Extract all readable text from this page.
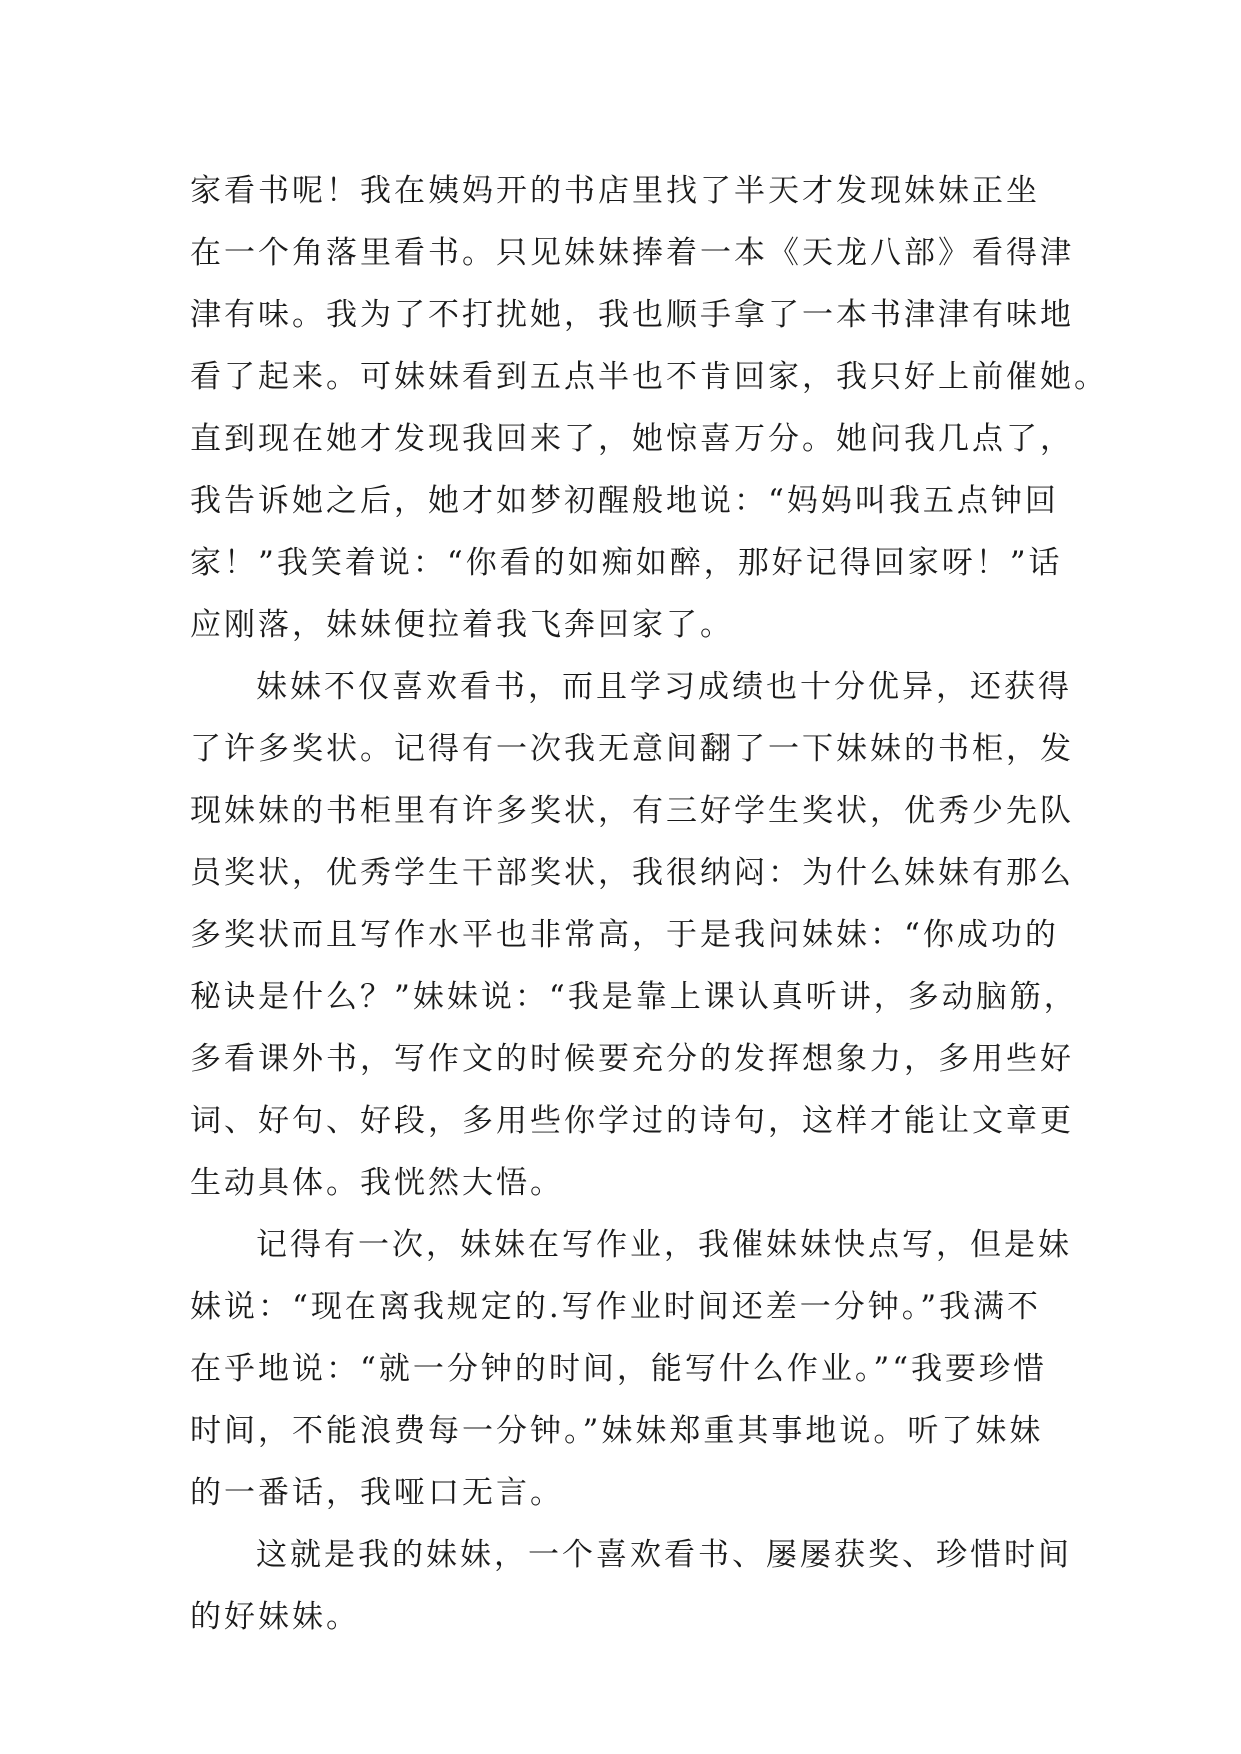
家看书呢！我在姨妈开的书店里找了半天才发现妹妹正坐
在一个角落里看书。只见妹妹捧着一本《天龙八部》看得津
津有味。我为了不打扰她，我也顺手拿了一本书津津有味地
看了起来。可妹妹看到五点半也不肯回家，我只好上前催她。
直到现在她才发现我回来了，她惊喜万分。她问我几点了，
我告诉她之后，她才如梦初醒般地说：“妈妈叫我五点钟回
家！”我笑着说：“你看的如痴如醉，那好记得回家呀！”话
应刚落，妹妹便拉着我飞奔回家了。
妹妹不仅喜欢看书，而且学习成绩也十分优异，还获得
了许多奖状。记得有一次我无意间翻了一下妹妹的书柜，发
现妹妹的书柜里有许多奖状，有三好学生奖状，优秀少先队
员奖状，优秀学生干部奖状，我很纳闷：为什么妹妹有那么
多奖状而且写作水平也非常高，于是我问妹妹：“你成功的
秘诀是什么？”妹妹说：“我是靠上课认真听讲，多动脑筋，
多看课外书，写作文的时候要充分的发挥想象力，多用些好
词、好句、好段，多用些你学过的诗句，这样才能让文章更
生动具体。我恍然大悟。
记得有一次，妹妹在写作业，我催妹妹快点写，但是妹
妹说：“现在离我规定的.写作业时间还差一分钟。”我满不
在乎地说：“就一分钟的时间，能写什么作业。”“我要珍惜
时间，不能浪费每一分钟。”妹妹郑重其事地说。听了妹妹
的一番话，我哑口无言。
这就是我的妹妹，一个喜欢看书、屡屡获奖、珍惜时间
的好妹妹。
